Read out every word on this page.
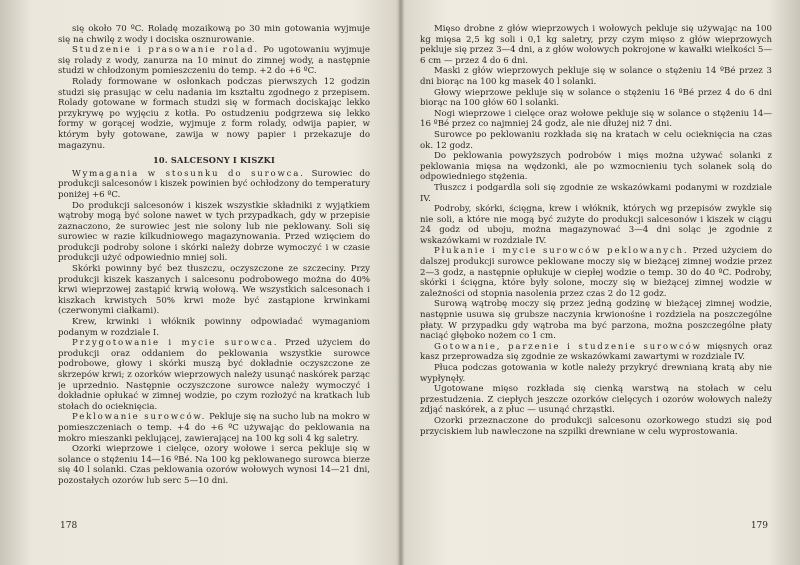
się około 70 ºC. Roladę mozaikową po 30 min gotowania wyjmuje się na chwilę z wody i dociska osznurowanie.

Studzenie i prasowanie rolad. Po ugotowaniu wyjmuje się rolady z wody, zanurza na 10 minut do zimnej wody, a następnie studzi w chłodzonym pomieszczeniu do temp. +2 do +6 ºC.

Rolady formowane w osłonkach podczas pierwszych 12 godzin studzi się prasując w celu nadania im kształtu zgodnego z przepisem. Rolady gotowane w formach studzi się w formach dociskając lekko przykrywę po wyjęciu z kotła. Po ostudzeniu podgrzewa się lekko formy w gorącej wodzie, wyjmuje z form rolady, odwija papier, w którym były gotowane, zawija w nowy papier i przekazuje do magazynu.

10. SALCESONY I KISZKI

Wymagania w stosunku do surowca. Surowiec do produkcji salcesonów i kiszek powinien być ochłodzony do temperatury poniżej +6 ºC.

Do produkcji salcesonów i kiszek wszystkie składniki z wyjątkiem wątroby mogą być solone nawet w tych przypadkach, gdy w przepisie zaznaczono, że surowiec jest nie solony lub nie peklowany. Soli się surowiec w razie kilkudniowego magazynowania. Przed wzięciem do produkcji podroby solone i skórki należy dobrze wymoczyć i w czasie produkcji użyć odpowiednio mniej soli.

Skórki powinny być bez tłuszczu, oczyszczone ze szczeciny. Przy produkcji kiszek kaszanych i salcesonu podrobowego można do 40% krwi wieprzowej zastąpić krwią wołową. We wszystkich salcesonach i kiszkach krwistych 50% krwi może być zastąpione krwinkami (czerwonymi ciałkami).

Krew, krwinki i włóknik powinny odpowiadać wymaganiom podanym w rozdziale I.

Przygotowanie i mycie surowca. Przed użyciem do produkcji oraz oddaniem do peklowania wszystkie surowce podrobowe, głowy i skórki muszą być dokładnie oczyszczone ze skrzepów krwi; z ozorków wieprzowych należy usunąć naskórek parząc je uprzednio. Następnie oczyszczone surowce należy wymoczyć i dokładnie opłukać w zimnej wodzie, po czym rozłożyć na kratkach lub stołach do ocieknięcia.

Peklowanie surowców. Pekluje się na sucho lub na mokro w pomieszczeniach o temp. +4 do +6 ºC używając do peklowania na mokro mieszanki peklującej, zawierającej na 100 kg soli 4 kg saletry.

Ozorki wieprzowe i cielęce, ozory wołowe i serca pekluje się w solance o stężeniu 14—16 ºBé. Na 100 kg peklowanego surowca bierze się 40 l solanki. Czas peklowania ozorów wołowych wynosi 14—21 dni, pozostałych ozorów lub serc 5—10 dni.

178

Mięso drobne z głów wieprzowych i wołowych pekluje się używając na 100 kg mięsa 2,5 kg soli i 0,1 kg saletry, przy czym mięso z głów wieprzowych pekluje się przez 3—4 dni, a z głów wołowych pokrojone w kawałki wielkości 5—6 cm — przez 4 do 6 dni.

Maski z głów wieprzowych pekluje się w solance o stężeniu 14 ºBé przez 3 dni biorąc na 100 kg masek 40 l solanki.

Głowy wieprzowe pekluje się w solance o stężeniu 16 ºBé przez 4 do 6 dni biorąc na 100 głów 60 l solanki.

Nogi wieprzowe i cielęce oraz wołowe pekluje się w solance o stężeniu 14—16 ºBé przez co najmniej 24 godz, ale nie dłużej niż 7 dni.

Surowce po peklowaniu rozkłada się na kratach w celu ocieknięcia na czas ok. 12 godz.

Do peklowania powyższych podrobów i mięs można używać solanki z peklowania mięsa na wędzonki, ale po wzmocnieniu tych solanek solą do odpowiedniego stężenia.

Tłuszcz i podgardla soli się zgodnie ze wskazówkami podanymi w rozdziale IV.

Podroby, skórki, ścięgna, krew i włóknik, których wg przepisów zwykle się nie soli, a które nie mogą być zużyte do produkcji salcesonów i kiszek w ciągu 24 godz od uboju, można magazynować 3—4 dni soląc je zgodnie z wskazówkami w rozdziale IV.

Płukanie i mycie surowców peklowanych. Przed użyciem do dalszej produkcji surowce peklowane moczy się w bieżącej zimnej wodzie przez 2—3 godz, a następnie opłukuje w ciepłej wodzie o temp. 30 do 40 ºC. Podroby, skórki i ścięgna, które były solone, moczy się w bieżącej zimnej wodzie w zależności od stopnia nasolenia przez czas 2 do 12 godz.

Surową wątrobę moczy się przez jedną godzinę w bieżącej zimnej wodzie, następnie usuwa się grubsze naczynia krwionośne i rozdziela na poszczególne płaty. W przypadku gdy wątroba ma być parzona, można poszczególne płaty naciąć głęboko nożem co 1 cm.

Gotowanie, parzenie i studzenie surowców mięsnych oraz kasz przeprowadza się zgodnie ze wskazówkami zawartymi w rozdziale IV.

Płuca podczas gotowania w kotle należy przykryć drewnianą kratą aby nie wypłynęły.

Ugotowane mięso rozkłada się cienką warstwą na stołach w celu przestudzenia. Z ciepłych jeszcze ozorków cielęcych i ozorów wołowych należy zdjąć naskórek, a z płuc — usunąć chrząstki.

Ozorki przeznaczone do produkcji salcesonu ozorkowego studzi się pod przyciskiem lub nawleczone na szpilki drewniane w celu wyprostowania.

179
